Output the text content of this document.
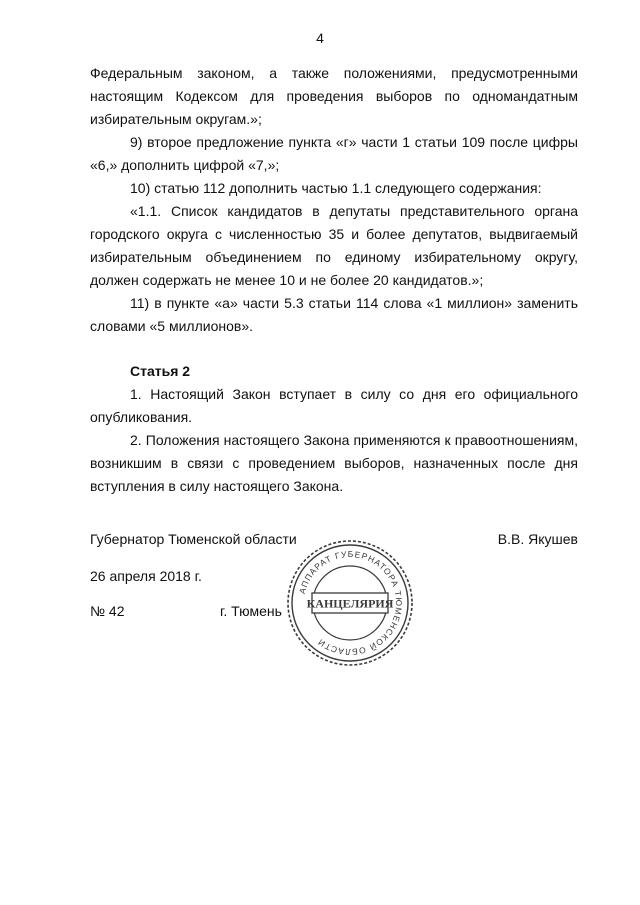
4

Федеральным законом, а также положениями, предусмотренными настоящим Кодексом для проведения выборов по одномандатным избирательным округам.»;

9) второе предложение пункта «г» части 1 статьи 109 после цифры «6,» дополнить цифрой «7,»;

10) статью 112 дополнить частью 1.1 следующего содержания:

«1.1. Список кандидатов в депутаты представительного органа городского округа с численностью 35 и более депутатов, выдвигаемый избирательным объединением по единому избирательному округу, должен содержать не менее 10 и не более 20 кандидатов.»;

11) в пункте «а» части 5.3 статьи 114 слова «1 миллион» заменить словами «5 миллионов».

Статья 2

1. Настоящий Закон вступает в силу со дня его официального опубликования.

2. Положения настоящего Закона применяются к правоотношениям, возникшим в связи с проведением выборов, назначенных после дня вступления в силу настоящего Закона.

Губернатор Тюменской области	В.В. Якушев
26 апреля 2018 г.
№ 42	г. Тюмень
АППАРАТ ГУБЕРНАТОРА ТЮМЕНСКОЙ ОБЛАСТИ
КАНЦЕЛЯРИЯ
